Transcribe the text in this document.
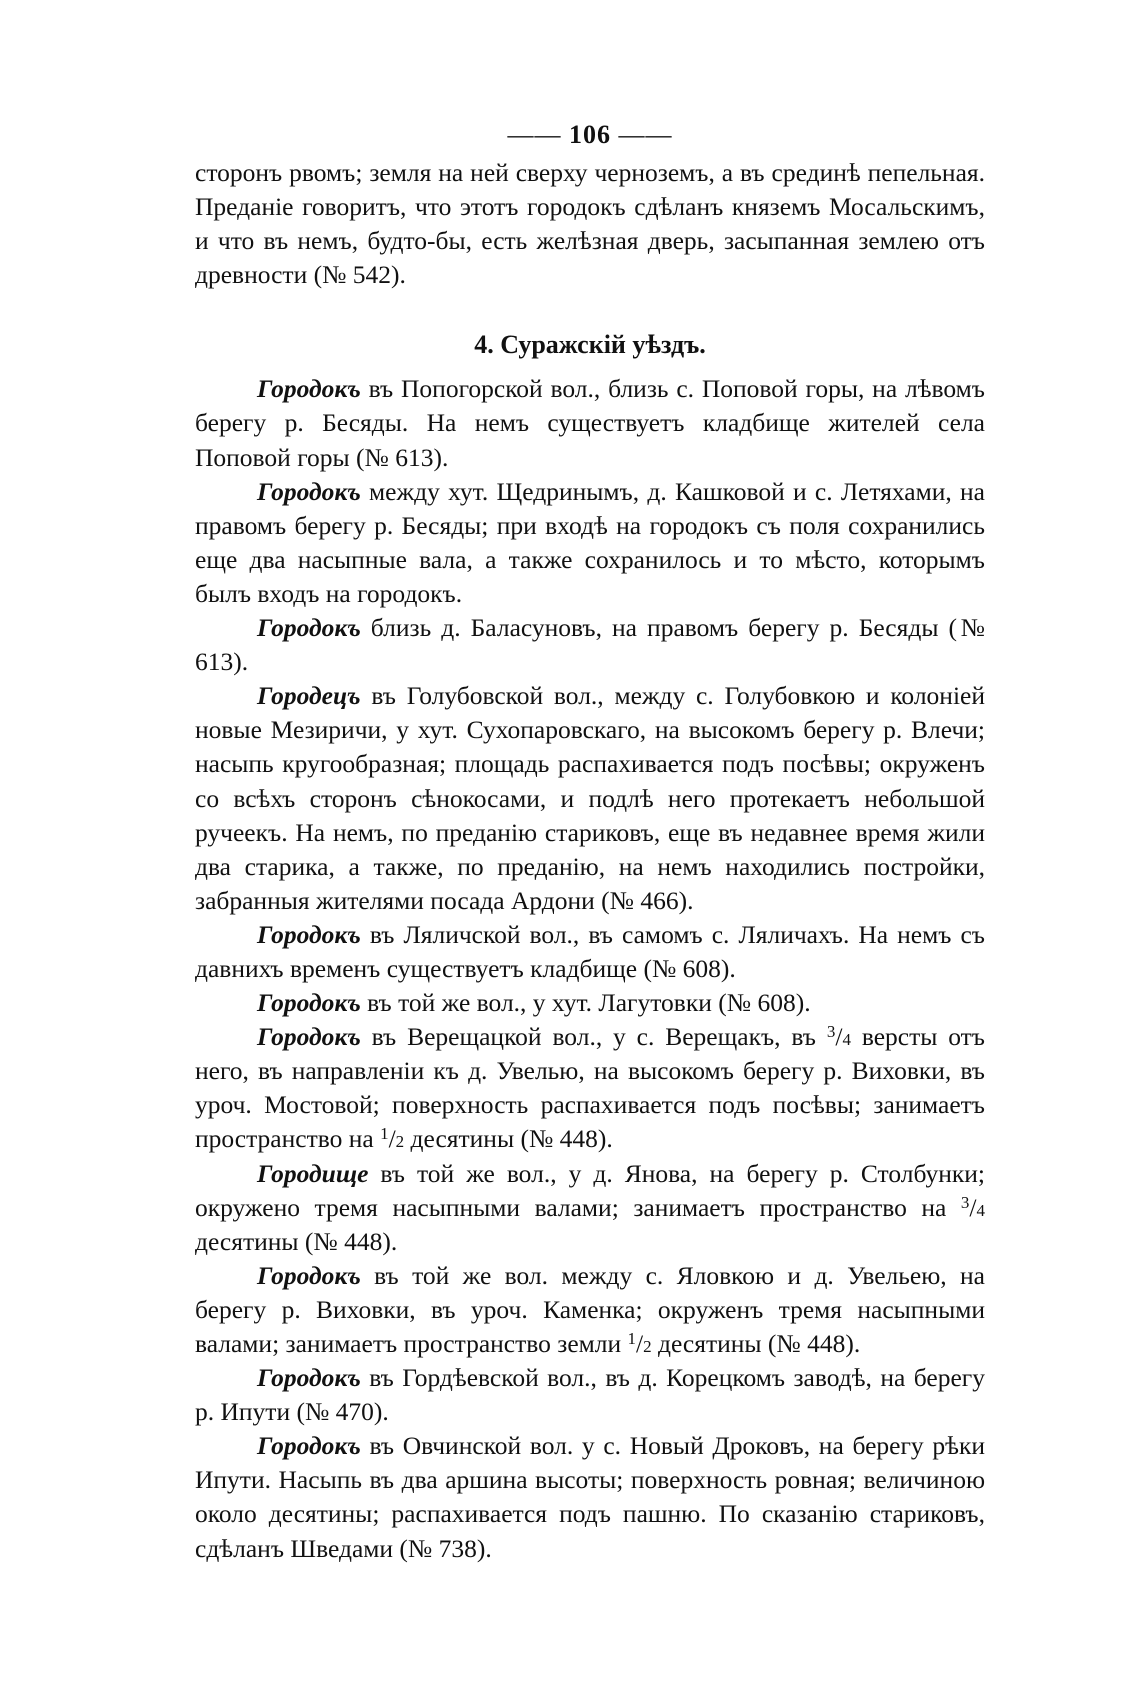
—— 106 ——

сторонъ рвомъ; земля на ней сверху черноземъ, а въ срединѣ пепельная. Преданіе говоритъ, что этотъ городокъ сдѣланъ княземъ Мосальскимъ, и что въ немъ, будто-бы, есть желѣзная дверь, засыпанная землею отъ древности (№ 542).

4. Суражскій уѣздъ.

Городокъ въ Попогорской вол., близь с. Поповой горы, на лѣвомъ берегу р. Бесяды. На немъ существуетъ кладбище жителей села Поповой горы (№ 613).

Городокъ между хут. Щедринымъ, д. Кашковой и с. Летяхами, на правомъ берегу р. Бесяды; при входѣ на городокъ съ поля сохранились еще два насыпные вала, а также сохранилось и то мѣсто, которымъ былъ входъ на городокъ.

Городокъ близь д. Баласуновъ, на правомъ берегу р. Бесяды (№ 613).

Городецъ въ Голубовской вол., между с. Голубовкою и колоніей новые Мезиричи, у хут. Сухопаровскаго, на высокомъ берегу р. Влечи; насыпь кругообразная; площадь распахивается подъ посѣвы; окруженъ со всѣхъ сторонъ сѣнокосами, и подлѣ него протекаетъ небольшой ручеекъ. На немъ, по преданію стариковъ, еще въ недавнее время жили два старика, а также, по преданію, на немъ находились постройки, забранныя жителями посада Ардони (№ 466).

Городокъ въ Ляличской вол., въ самомъ с. Ляличахъ. На немъ съ давнихъ временъ существуетъ кладбище (№ 608).

Городокъ въ той же вол., у хут. Лагутовки (№ 608).

Городокъ въ Верещацкой вол., у с. Верещакъ, въ $^3$/4 версты отъ него, въ направленіи къ д. Увелью, на высокомъ берегу р. Виховки, въ уроч. Мостовой; поверхность распахивается подъ посѣвы; занимаетъ пространство на $^1$/2 десятины (№ 448).

Городище въ той же вол., у д. Янова, на берегу р. Столбунки; окружено тремя насыпными валами; занимаетъ пространство на $^3$/4 десятины (№ 448).

Городокъ въ той же вол. между с. Яловкою и д. Увельею, на берегу р. Виховки, въ уроч. Каменка; окруженъ тремя насыпными валами; занимаетъ пространство земли $^1$/2 десятины (№ 448).

Городокъ въ Гордѣевской вол., въ д. Корецкомъ заводѣ, на берегу р. Ипути (№ 470).

Городокъ въ Овчинской вол. у с. Новый Дроковъ, на берегу рѣки Ипути. Насыпь въ два аршина высоты; поверхность ровная; величиною около десятины; распахивается подъ пашню. По сказанію стариковъ, сдѣланъ Шведами (№ 738).
